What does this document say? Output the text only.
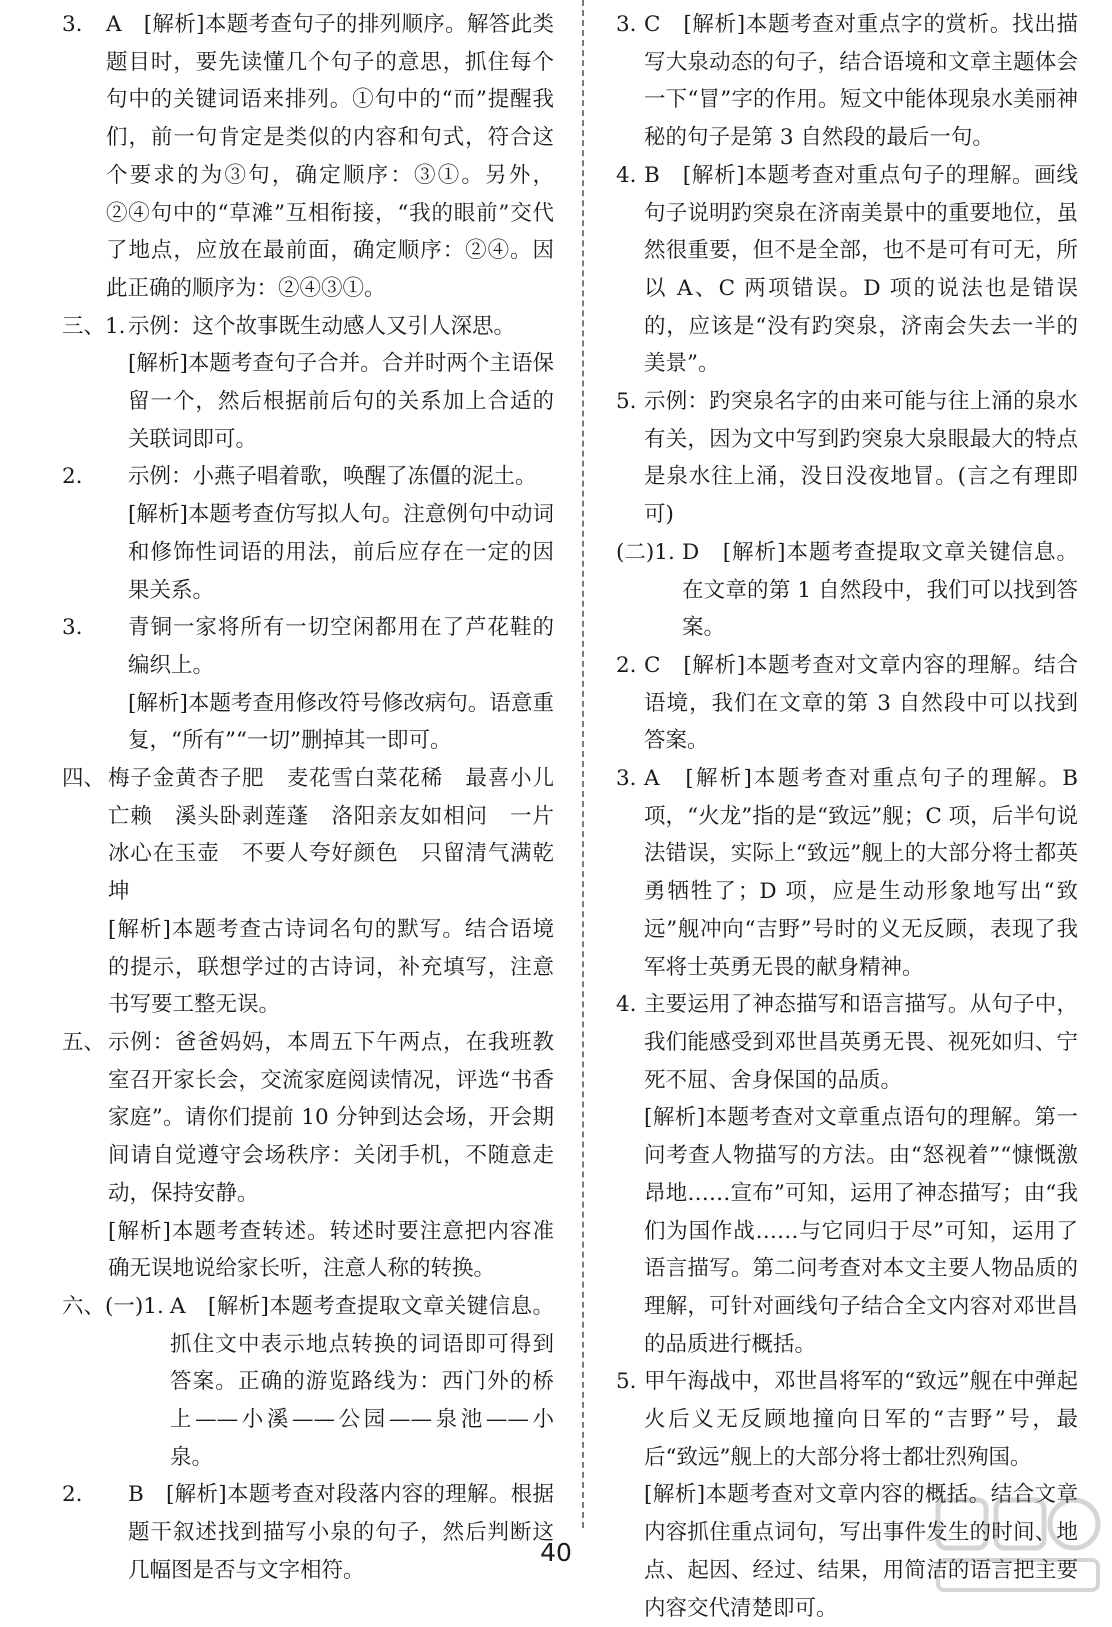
3. A　[解析]本题考查句子的排列顺序。解答此类题目时，要先读懂几个句子的意思，抓住每个句中的关键词语来排列。①句中的“而”提醒我们，前一句肯定是类似的内容和句式，符合这个要求的为③句，确定顺序：③①。另外，②④句中的“草滩”互相衔接，“我的眼前”交代了地点，应放在最前面，确定顺序：②④。因此正确的顺序为：②④③①。
三、1. 示例：这个故事既生动感人又引人深思。
[解析]本题考查句子合并。合并时两个主语保留一个，然后根据前后句的关系加上合适的关联词即可。
2. 示例：小燕子唱着歌，唤醒了冻僵的泥土。
[解析]本题考查仿写拟人句。注意例句中动词和修饰性词语的用法，前后应存在一定的因果关系。
3. 青铜一家将所有一切空闲都用在了芦花鞋的编织上。
[解析]本题考查用修改符号修改病句。语意重复，“所有”“一切”删掉其一即可。
四、 梅子金黄杏子肥　麦花雪白菜花稀　最喜小儿亡赖　溪头卧剥莲蓬　洛阳亲友如相问　一片冰心在玉壶　不要人夸好颜色　只留清气满乾坤
[解析]本题考查古诗词名句的默写。结合语境的提示，联想学过的古诗词，补充填写，注意书写要工整无误。
五、 示例：爸爸妈妈，本周五下午两点，在我班教室召开家长会，交流家庭阅读情况，评选“书香家庭”。请你们提前 10 分钟到达会场，开会期间请自觉遵守会场秩序：关闭手机，不随意走动，保持安静。
[解析]本题考查转述。转述时要注意把内容准确无误地说给家长听，注意人称的转换。
六、(一)1. A　[解析]本题考查提取文章关键信息。抓住文中表示地点转换的词语即可得到答案。正确的游览路线为：西门外的桥上——小溪——公园——泉池——小泉。
2. B　[解析]本题考查对段落内容的理解。根据题干叙述找到描写小泉的句子，然后判断这几幅图是否与文字相符。
3. C　[解析]本题考查对重点字的赏析。找出描写大泉动态的句子，结合语境和文章主题体会一下“冒”字的作用。短文中能体现泉水美丽神秘的句子是第 3 自然段的最后一句。
4. B　[解析]本题考查对重点句子的理解。画线句子说明趵突泉在济南美景中的重要地位，虽然很重要，但不是全部，也不是可有可无，所以 A、C 两项错误。D 项的说法也是错误的，应该是“没有趵突泉，济南会失去一半的美景”。
5. 示例：趵突泉名字的由来可能与往上涌的泉水有关，因为文中写到趵突泉大泉眼最大的特点是泉水往上涌，没日没夜地冒。(言之有理即可)
(二)1. D　[解析]本题考查提取文章关键信息。在文章的第 1 自然段中，我们可以找到答案。
2. C　[解析]本题考查对文章内容的理解。结合语境，我们在文章的第 3 自然段中可以找到答案。
3. A　[解析]本题考查对重点句子的理解。B 项，“火龙”指的是“致远”舰；C 项，后半句说法错误，实际上“致远”舰上的大部分将士都英勇牺牲了；D 项，应是生动形象地写出“致远”舰冲向“吉野”号时的义无反顾，表现了我军将士英勇无畏的献身精神。
4. 主要运用了神态描写和语言描写。从句子中，我们能感受到邓世昌英勇无畏、视死如归、宁死不屈、舍身保国的品质。
[解析]本题考查对文章重点语句的理解。第一问考查人物描写的方法。由“怒视着”“慷慨激昂地……宣布”可知，运用了神态描写；由“我们为国作战……与它同归于尽”可知，运用了语言描写。第二问考查对本文主要人物品质的理解，可针对画线句子结合全文内容对邓世昌的品质进行概括。
5. 甲午海战中，邓世昌将军的“致远”舰在中弹起火后义无反顾地撞向日军的“吉野”号，最后“致远”舰上的大部分将士都壮烈殉国。
[解析]本题考查对文章内容的概括。结合文章内容抓住重点词句，写出事件发生的时间、地点、起因、经过、结果，用简洁的语言把主要内容交代清楚即可。
40
